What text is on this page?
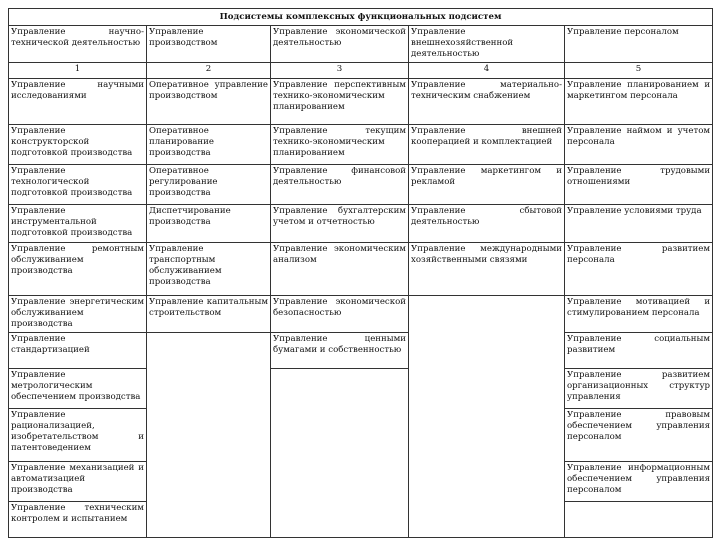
Подсистемы комплексных функциональных подсистем				
Управление научно-технической деятельностью	Управление производством	Управление экономической деятельностью	Управление внешнехозяйственной деятельностью	Управление персоналом
1	2	3	4	5
Управление научными исследованиями	Оперативное управление производством	Управление перспективным технико-экономическим планированием	Управление материально-техническим снабжением	Управление планированием и маркетингом персонала
Управление конструкторской подготовкой производства	Оперативное планирование производства	Управление текущим технико-экономическим планированием	Управление внешней кооперацией и комплектацией	Управление наймом и учетом персонала
Управление технологической подготовкой производства	Оперативное регулирование производства	Управление финансовой деятельностью	Управление маркетингом и рекламой	Управление трудовыми отношениями
Управление инструментальной подготовкой производства	Диспетчирование производства	Управление бухгалтерским учетом и отчетностью	Управление сбытовой деятельностью	Управление условиями труда
Управление ремонтным обслуживанием производства	Управление транспортным обслуживанием производства	Управление экономическим анализом	Управление международными хозяйственными связями	Управление развитием персонала
Управление энергетическим обслуживанием производства	Управление капитальным строительством	Управление экономической безопасностью		Управление мотивацией и стимулированием персонала
Управление стандартизацией		Управление ценными бумагами и собственностью		Управление социальным развитием
Управление метрологическим обеспечением производства				Управление развитием организационных структур управления
Управление рационализацией, изобретательством и патентоведением				Управление правовым обеспечением управления персоналом
Управление механизацией и автоматизацией производства				Управление информационным обеспечением управления персоналом
Управление техническим контролем и испытанием				
